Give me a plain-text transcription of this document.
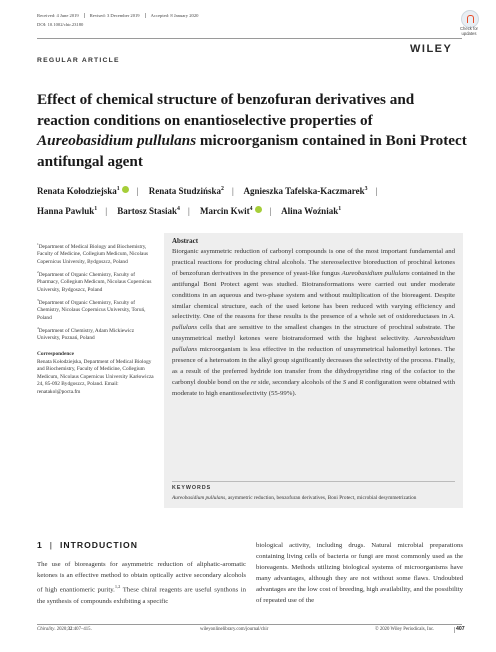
Received: 4 June 2019 Revised: 3 December 2019 Accepted: 8 January 2020
DOI: 10.1002/chir.23180
Check for
updates
WILEY
REGULAR ARTICLE
Effect of chemical structure of benzofuran derivatives and reaction conditions on enantioselective properties of Aureobasidium pullulans microorganism contained in Boni Protect antifungal agent
Renata Kołodziejska$^1$ | Renata Studzińska$^2$ | Agnieszka Tafelska-Kaczmarek$^3$ |
Hanna Pawluk$^1$ | Bartosz Stasiak$^4$ | Marcin Kwit$^4$ | Alina Woźniak$^1$

$^1$Department of Medical Biology and Biochemistry, Faculty of Medicine, Collegium Medicum, Nicolaus Copernicus University, Bydgoszcz, Poland

$^2$Department of Organic Chemistry, Faculty of Pharmacy, Collegium Medicum, Nicolaus Copernicus University, Bydgoszcz, Poland

$^3$Department of Organic Chemistry, Faculty of Chemistry, Nicolaus Copernicus University, Toruń, Poland

$^4$Department of Chemistry, Adam Mickiewicz University, Poznań, Poland

Correspondence

Renata Kołodziejska, Department of Medical Biology and Biochemistry, Faculty of Medicine, Collegium Medicum, Nicolaus Copernicus University Karłowicza 24, 85-092 Bydgoszcz, Poland. Email: renatakol@pocta.fm

Abstract
Biorganic asymmetric reduction of carbonyl compounds is one of the most important fundamental and practical reactions for producing chiral alcohols. The stereoselective bioreduction of prochiral ketones of benzofuran derivatives in the presence of yeast-like fungus Aureobasidium pullulans contained in the antifungal Boni Protect agent was studied. Biotransformations were carried out under moderate conditions in an aqueous and two-phase system and without multiplication of the bioreagent. Despite similar chemical structure, each of the used ketone has been reduced with varying efficiency and selectivity. One of the reasons for these results is the presence of a whole set of oxidoreductases in A. pullulans cells that are sensitive to the smallest changes in the structure of prochiral substrate. The unsymmetrical methyl ketones were biotransformed with the highest selectivity. Aureobasidium pullulans microorganism is less effective in the reduction of unsymmetrical halomethyl ketones. The presence of a heteroatom in the alkyl group significantly decreases the selectivity of the process. Finally, as a result of the preferred hydride ion transfer from the dihydropyridine ring of the cofactor to the carbonyl double bond on the re side, secondary alcohols of the S and R configuration were obtained with moderate to high enantioselectivity (55-99%).
KEYWORDS
Aureobasidium pullulans, asymmetric reduction, benzofuran derivatives, Boni Protect, microbial desymmetrization
1 | INTRODUCTION
The use of bioreagents for asymmetric reduction of aliphatic-aromatic ketones is an effective method to obtain optically active secondary alcohols of high enantiomeric purity.$^{1,2}$ These chiral reagents are useful synthons in the synthesis of compounds exhibiting a specific
biological activity, including drugs. Natural microbial preparations containing living cells of bacteria or fungi are most commonly used as the bioreagents. Methods utilizing biological systems of microorganisms have many advantages, although they are not without some flaws. Undoubted advantages are the low cost of breeding, high availability, and the possibility of repeated use of the
Chirality. 2020;32:407–415.	wileyonlinelibrary.com/journal/chir	© 2020 Wiley Periodicals, Inc.	407
